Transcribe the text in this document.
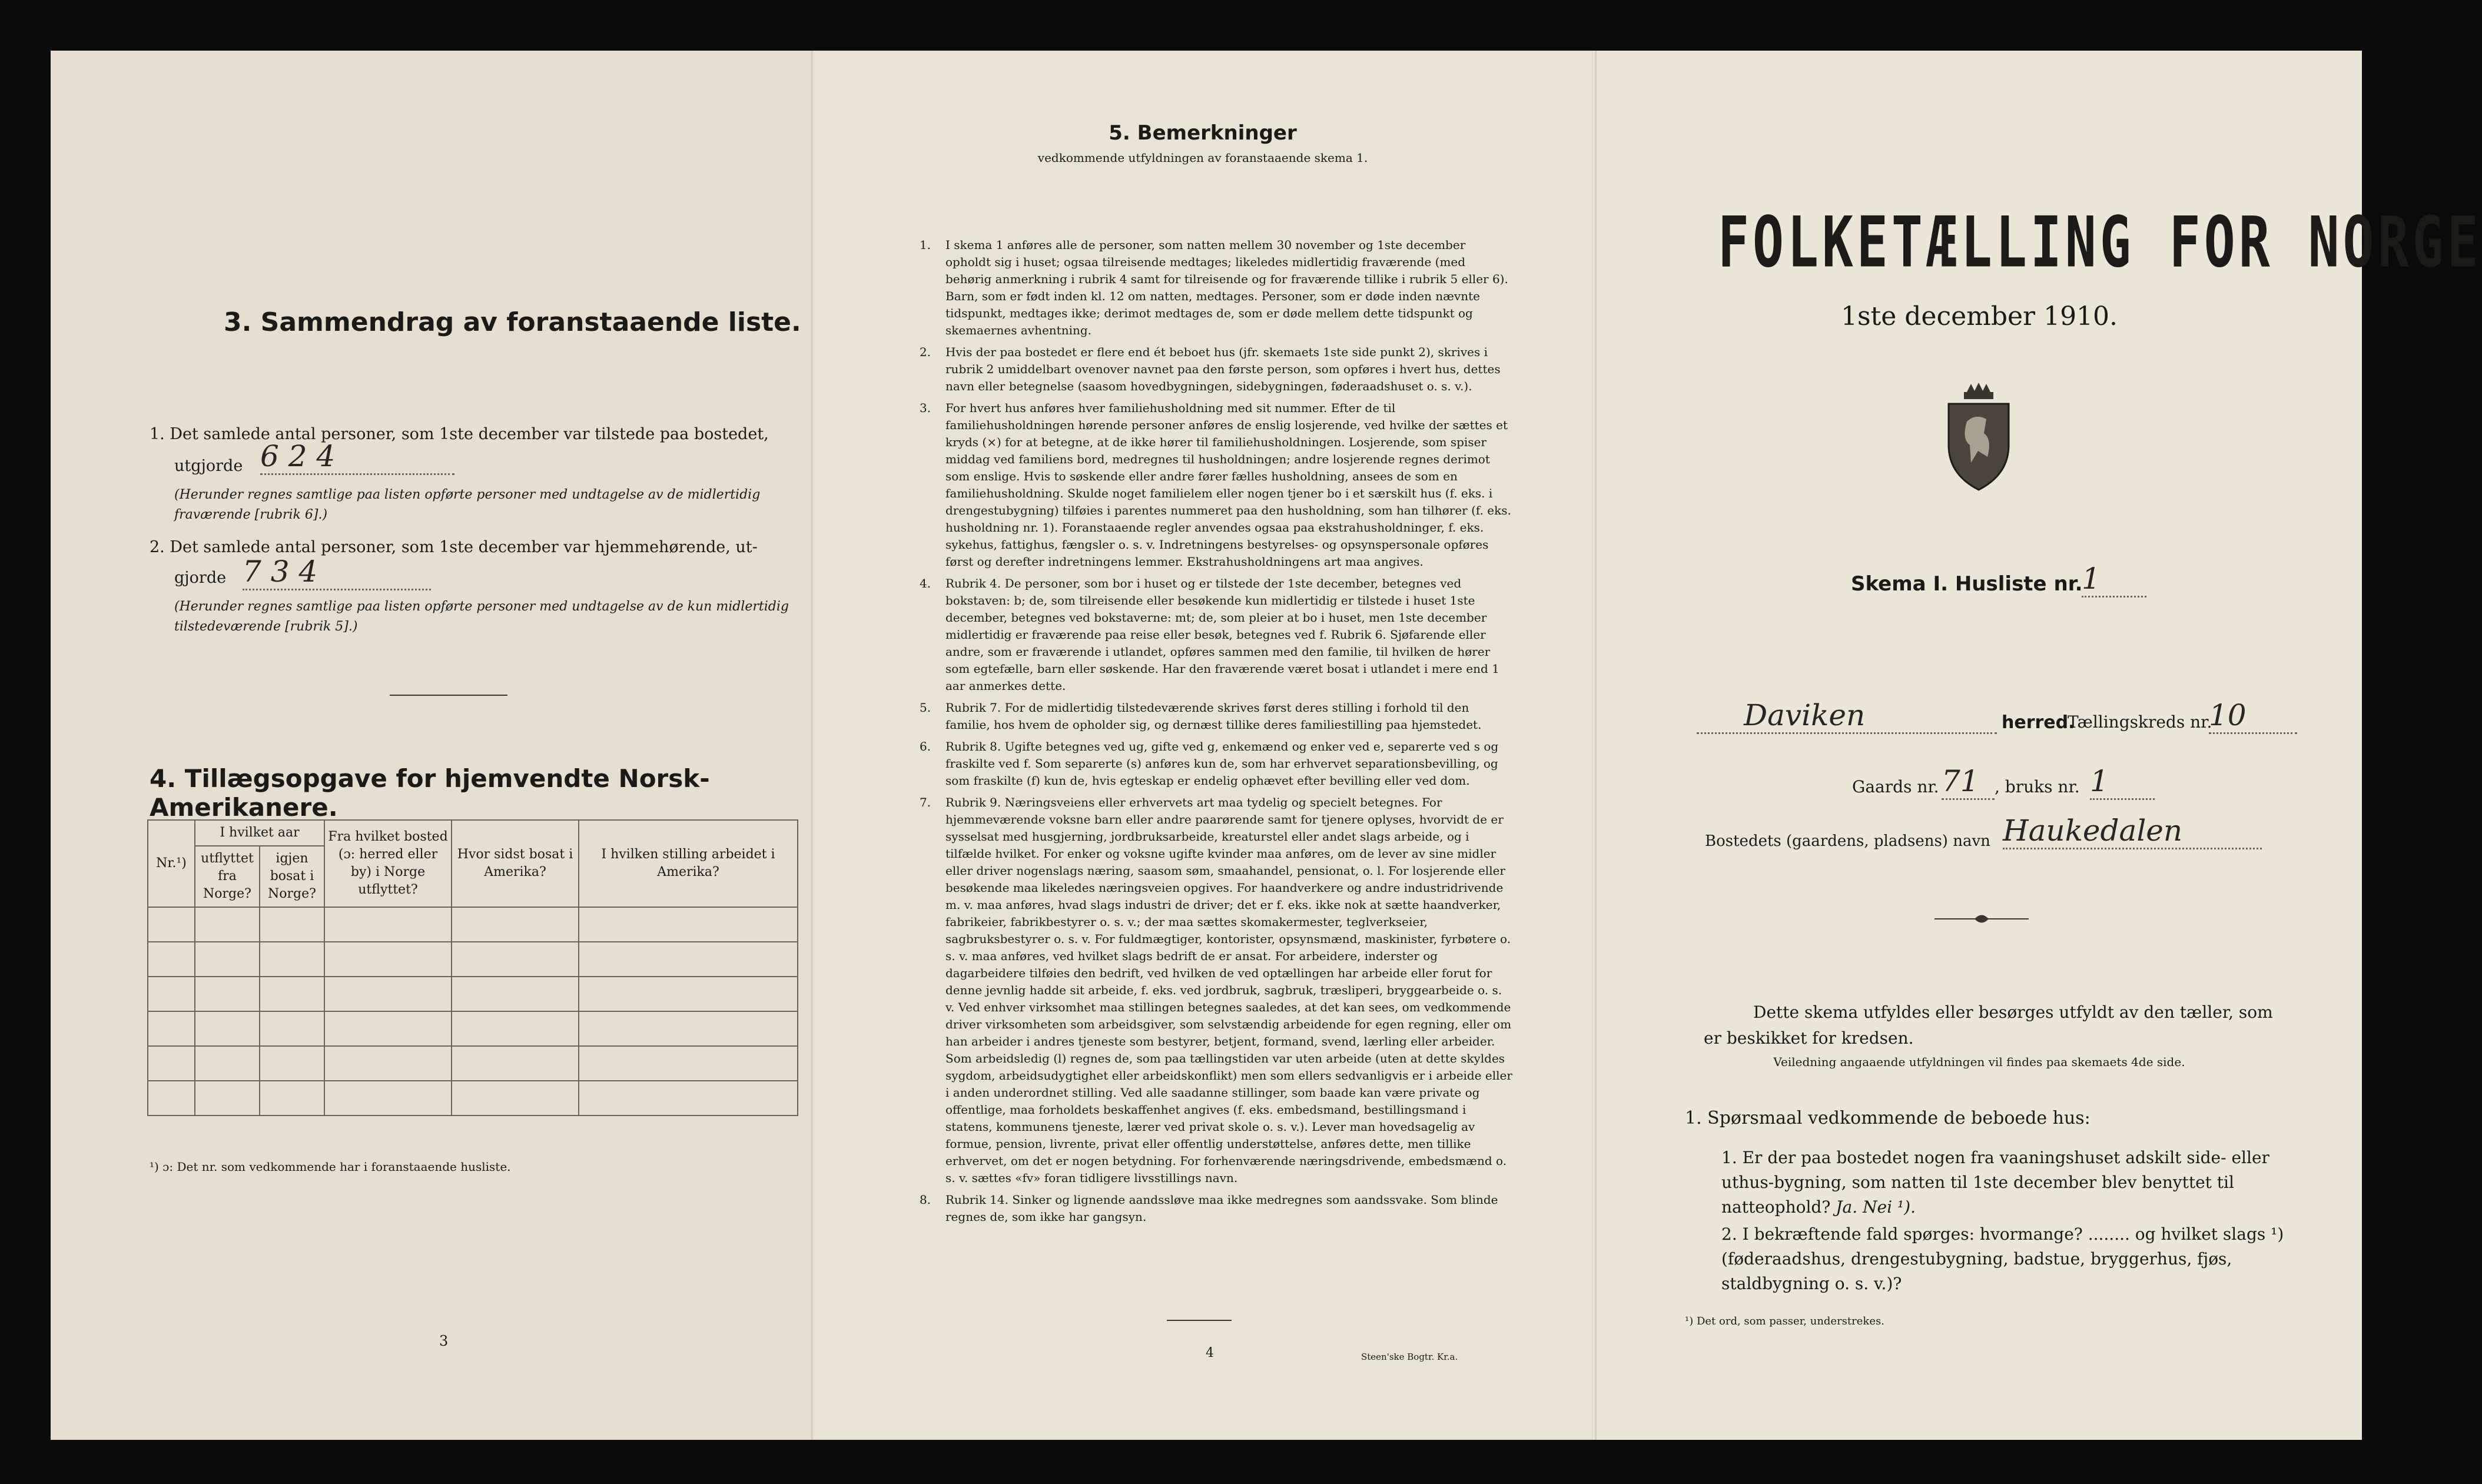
3. Sammendrag av foranstaaende liste.
1. Det samlede antal personer, som 1ste december var tilstede paa bostedet,
utgjorde 6 2 4
(Herunder regnes samtlige paa listen opførte personer med undtagelse av de midlertidig fraværende [rubrik 6].)
2. Det samlede antal personer, som 1ste december var hjemmehørende, ut-
gjorde 7 3 4
(Herunder regnes samtlige paa listen opførte personer med undtagelse av de kun midlertidig tilstedeværende [rubrik 5].)
4. Tillægsopgave for hjemvendte Norsk-Amerikanere.
Nr.¹)	I hvilket aar		Fra hvilket bosted (ɔ: herred eller by) i Norge utflyttet?	Hvor sidst bosat i Amerika?	I hvilken stilling arbeidet i Amerika?
	utflyttet fra Norge?	igjen bosat i Norge?			

¹) ɔ: Det nr. som vedkommende har i foranstaaende husliste.
3
5. Bemerkninger
vedkommende utfyldningen av foranstaaende skema 1.
1. I skema 1 anføres alle de personer, som natten mellem 30 november og 1ste december opholdt sig i huset; ogsaa tilreisende medtages; likeledes midlertidig fraværende (med behørig anmerkning i rubrik 4 samt for tilreisende og for fraværende tillike i rubrik 5 eller 6). Barn, som er født inden kl. 12 om natten, medtages. Personer, som er døde inden nævnte tidspunkt, medtages ikke; derimot medtages de, som er døde mellem dette tidspunkt og skemaernes avhentning.
2. Hvis der paa bostedet er flere end ét beboet hus (jfr. skemaets 1ste side punkt 2), skrives i rubrik 2 umiddelbart ovenover navnet paa den første person, som opføres i hvert hus, dettes navn eller betegnelse (saasom hovedbygningen, sidebygningen, føderaadshuset o. s. v.).
3. For hvert hus anføres hver familiehusholdning med sit nummer. Efter de til familiehusholdningen hørende personer anføres de enslig losjerende, ved hvilke der sættes et kryds (×) for at betegne, at de ikke hører til familiehusholdningen. Losjerende, som spiser middag ved familiens bord, medregnes til husholdningen; andre losjerende regnes derimot som enslige. Hvis to søskende eller andre fører fælles husholdning, ansees de som en familiehusholdning. Skulde noget familielem eller nogen tjener bo i et særskilt hus (f. eks. i drengestubygning) tilføies i parentes nummeret paa den husholdning, som han tilhører (f. eks. husholdning nr. 1). Foranstaaende regler anvendes ogsaa paa ekstrahusholdninger, f. eks. sykehus, fattighus, fængsler o. s. v. Indretningens bestyrelses- og opsynspersonale opføres først og derefter indretningens lemmer. Ekstrahusholdningens art maa angives.
4. Rubrik 4. De personer, som bor i huset og er tilstede der 1ste december, betegnes ved bokstaven: b; de, som tilreisende eller besøkende kun midlertidig er tilstede i huset 1ste december, betegnes ved bokstaverne: mt; de, som pleier at bo i huset, men 1ste december midlertidig er fraværende paa reise eller besøk, betegnes ved f. Rubrik 6. Sjøfarende eller andre, som er fraværende i utlandet, opføres sammen med den familie, til hvilken de hører som egtefælle, barn eller søskende. Har den fraværende været bosat i utlandet i mere end 1 aar anmerkes dette.
5. Rubrik 7. For de midlertidig tilstedeværende skrives først deres stilling i forhold til den familie, hos hvem de opholder sig, og dernæst tillike deres familiestilling paa hjemstedet.
6. Rubrik 8. Ugifte betegnes ved ug, gifte ved g, enkemænd og enker ved e, separerte ved s og fraskilte ved f. Som separerte (s) anføres kun de, som har erhvervet separationsbevilling, og som fraskilte (f) kun de, hvis egteskap er endelig ophævet efter bevilling eller ved dom.
7. Rubrik 9. Næringsveiens eller erhvervets art maa tydelig og specielt betegnes. For hjemmeværende voksne barn eller andre paarørende samt for tjenere oplyses, hvorvidt de er sysselsat med husgjerning, jordbruksarbeide, kreaturstel eller andet slags arbeide, og i tilfælde hvilket. For enker og voksne ugifte kvinder maa anføres, om de lever av sine midler eller driver nogenslags næring, saasom søm, smaahandel, pensionat, o. l. For losjerende eller besøkende maa likeledes næringsveien opgives. For haandverkere og andre industridrivende m. v. maa anføres, hvad slags industri de driver; det er f. eks. ikke nok at sætte haandverker, fabrikeier, fabrikbestyrer o. s. v.; der maa sættes skomakermester, teglverkseier, sagbruksbestyrer o. s. v. For fuldmægtiger, kontorister, opsynsmænd, maskinister, fyrbøtere o. s. v. maa anføres, ved hvilket slags bedrift de er ansat. For arbeidere, inderster og dagarbeidere tilføies den bedrift, ved hvilken de ved optællingen har arbeide eller forut for denne jevnlig hadde sit arbeide, f. eks. ved jordbruk, sagbruk, træsliperi, bryggearbeide o. s. v. Ved enhver virksomhet maa stillingen betegnes saaledes, at det kan sees, om vedkommende driver virksomheten som arbeidsgiver, som selvstændig arbeidende for egen regning, eller om han arbeider i andres tjeneste som bestyrer, betjent, formand, svend, lærling eller arbeider. Som arbeidsledig (l) regnes de, som paa tællingstiden var uten arbeide (uten at dette skyldes sygdom, arbeidsudygtighet eller arbeidskonflikt) men som ellers sedvanligvis er i arbeide eller i anden underordnet stilling. Ved alle saadanne stillinger, som baade kan være private og offentlige, maa forholdets beskaffenhet angives (f. eks. embedsmand, bestillingsmand i statens, kommunens tjeneste, lærer ved privat skole o. s. v.). Lever man hovedsagelig av formue, pension, livrente, privat eller offentlig understøttelse, anføres dette, men tillike erhvervet, om det er nogen betydning. For forhenværende næringsdrivende, embedsmænd o. s. v. sættes «fv» foran tidligere livsstillings navn.
8. Rubrik 14. Sinker og lignende aandssløve maa ikke medregnes som aandssvake. Som blinde regnes de, som ikke har gangsyn.
4	Steen'ske Bogtr. Kr.a.
FOLKETÆLLING FOR NORGE
1ste december 1910.
Skema I. Husliste nr.
1
Daviken	herred.
Tællingskreds nr.
10
Gaards nr. 71 , bruks nr. 1
Bostedets (gaardens, pladsens) navn Haukedalen
Dette skema utfyldes eller besørges utfyldt av den tæller, som er beskikket for kredsen.
Veiledning angaaende utfyldningen vil findes paa skemaets 4de side.
1. Spørsmaal vedkommende de beboede hus:
1. Er der paa bostedet nogen fra vaaningshuset adskilt side- eller uthus-bygning, som natten til 1ste december blev benyttet til natteophold? Ja. Nei ¹).
2. I bekræftende fald spørges: hvormange? ........ og hvilket slags ¹) (føderaadshus, drengestubygning, badstue, bryggerhus, fjøs, staldbygning o. s. v.)?
¹) Det ord, som passer, understrekes.
